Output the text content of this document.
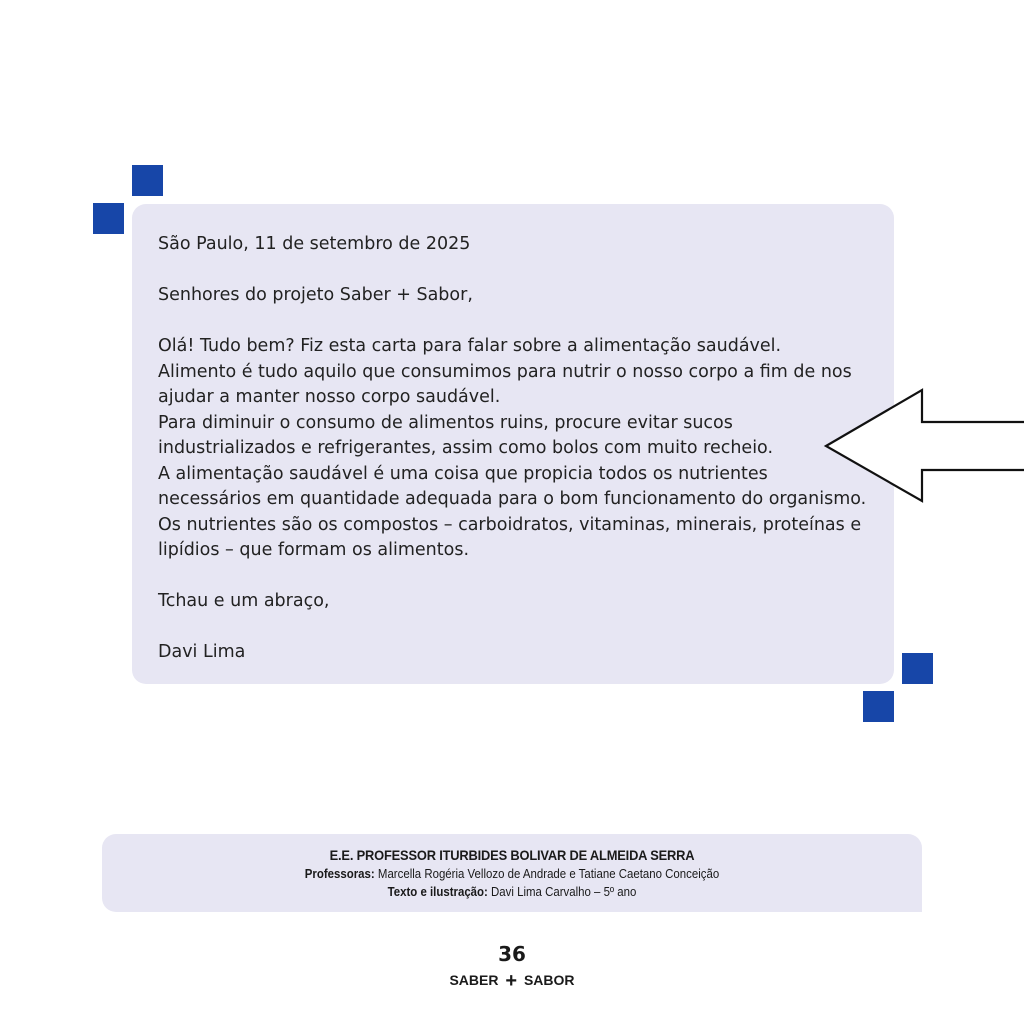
São Paulo, 11 de setembro de 2025

Senhores do projeto Saber + Sabor,

Olá! Tudo bem? Fiz esta carta para falar sobre a alimentação saudável.

Alimento é tudo aquilo que consumimos para nutrir o nosso corpo a fim de nos

ajudar a manter nosso corpo saudável.

Para diminuir o consumo de alimentos ruins, procure evitar sucos

industrializados e refrigerantes, assim como bolos com muito recheio.

A alimentação saudável é uma coisa que propicia todos os nutrientes

necessários em quantidade adequada para o bom funcionamento do organismo.

Os nutrientes são os compostos – carboidratos, vitaminas, minerais, proteínas e

lipídios – que formam os alimentos.

Tchau e um abraço,

Davi Lima

E.E. PROFESSOR ITURBIDES BOLIVAR DE ALMEIDA SERRA
Professoras: Marcella Rogéria Vellozo de Andrade e Tatiane Caetano Conceição
Texto e ilustração: Davi Lima Carvalho – 5º ano
36
SABER + SABOR
